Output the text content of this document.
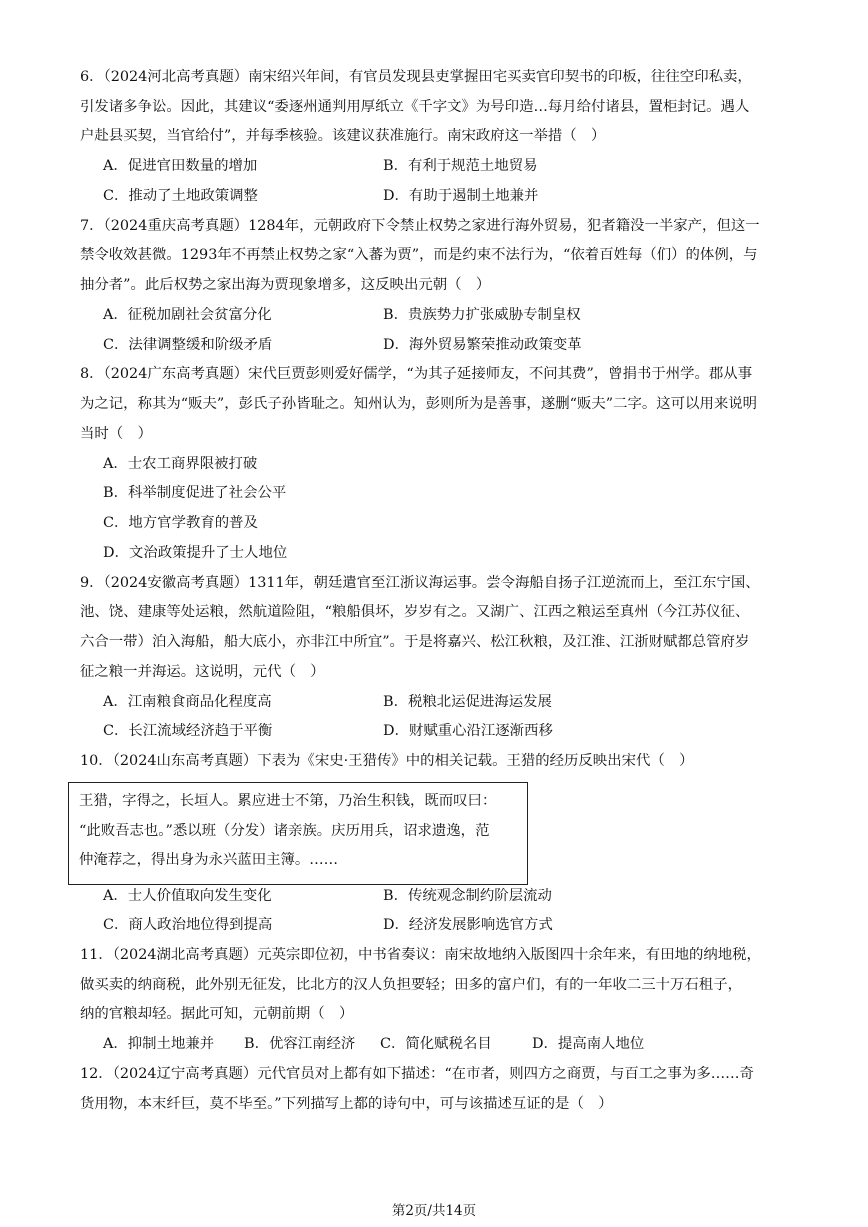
6．（2024河北高考真题）南宋绍兴年间，有官员发现县吏掌握田宅买卖官印契书的印板，往往空印私卖，
引发诸多争讼。因此，其建议“委逐州通判用厚纸立《千字文》为号印造…每月给付诸县，置柜封记。遇人
户赴县买契，当官给付”，并每季核验。该建议获准施行。南宋政府这一举措（　）
A．促进官田数量的增加	B．有利于规范土地贸易
C．推动了土地政策调整	D．有助于遏制土地兼并
7．（2024重庆高考真题）1284年，元朝政府下令禁止权势之家进行海外贸易，犯者籍没一半家产，但这一
禁令收效甚微。1293年不再禁止权势之家“入蕃为贾”，而是约束不法行为，“依着百姓每（们）的体例，与
抽分者”。此后权势之家出海为贾现象增多，这反映出元朝（　）
A．征税加剧社会贫富分化	B．贵族势力扩张威胁专制皇权
C．法律调整缓和阶级矛盾	D．海外贸易繁荣推动政策变革
8．（2024广东高考真题）宋代巨贾彭则爱好儒学，“为其子延接师友，不问其费”，曾捐书于州学。郡从事
为之记，称其为“贩夫”，彭氏子孙皆耻之。知州认为，彭则所为是善事，遂删“贩夫”二字。这可以用来说明
当时（　）
A．士农工商界限被打破
B．科举制度促进了社会公平
C．地方官学教育的普及
D．文治政策提升了士人地位
9．（2024安徽高考真题）1311年，朝廷遣官至江浙议海运事。尝令海船自扬子江逆流而上，至江东宁国、
池、饶、建康等处运粮，然航道险阻，“粮船俱坏，岁岁有之。又湖广、江西之粮运至真州（今江苏仪征、
六合一带）泊入海船，船大底小，亦非江中所宜”。于是将嘉兴、松江秋粮，及江淮、江浙财赋都总管府岁
征之粮一并海运。这说明，元代（　）
A．江南粮食商品化程度高	B．税粮北运促进海运发展
C．长江流域经济趋于平衡	D．财赋重心沿江逐渐西移
10．（2024山东高考真题）下表为《宋史·王猎传》中的相关记载。王猎的经历反映出宋代（　）
王猎，字得之，长垣人。累应进士不第，乃治生积钱，既而叹曰：
“此败吾志也。”悉以班（分发）诸亲族。庆历用兵，诏求遗逸，范
仲淹荐之，得出身为永兴蓝田主簿。……
A．士人价值取向发生变化	B．传统观念制约阶层流动
C．商人政治地位得到提高	D．经济发展影响选官方式
11．（2024湖北高考真题）元英宗即位初，中书省奏议：南宋故地纳入版图四十余年来，有田地的纳地税，
做买卖的纳商税，此外别无征发，比北方的汉人负担要轻；田多的富户们，有的一年收二三十万石租子，
纳的官粮却轻。据此可知，元朝前期（　）
A．抑制土地兼并 B．优容江南经济 C．简化赋税名目	D．提高南人地位
12．（2024辽宁高考真题）元代官员对上都有如下描述：“在市者，则四方之商贾，与百工之事为多……奇
货用物，本末纤巨，莫不毕至。”下列描写上都的诗句中，可与该描述互证的是（　）
第2页/共14页
